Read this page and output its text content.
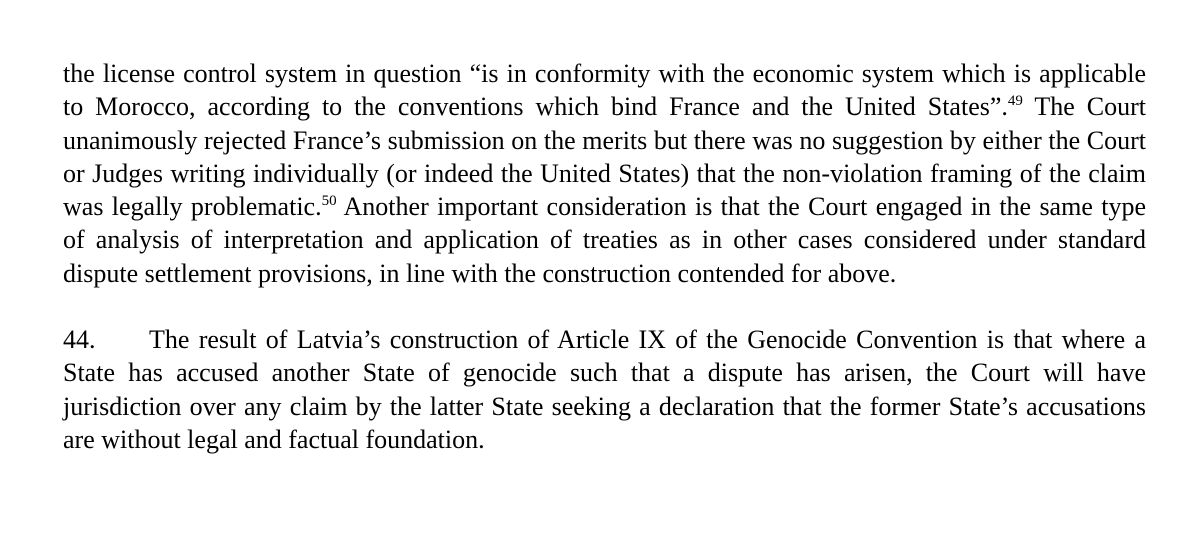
the license control system in question “is in conformity with the economic system which is applicable to Morocco, according to the conventions which bind France and the United States”.$^{49}$ The Court unanimously rejected France’s submission on the merits but there was no suggestion by either the Court or Judges writing individually (or indeed the United States) that the non-violation framing of the claim was legally problematic.$^{50}$ Another important consideration is that the Court engaged in the same type of analysis of interpretation and application of treaties as in other cases considered under standard dispute settlement provisions, in line with the construction contended for above.

44. The result of Latvia’s construction of Article IX of the Genocide Convention is that where a State has accused another State of genocide such that a dispute has arisen, the Court will have jurisdiction over any claim by the latter State seeking a declaration that the former State’s accusations are without legal and factual foundation.
